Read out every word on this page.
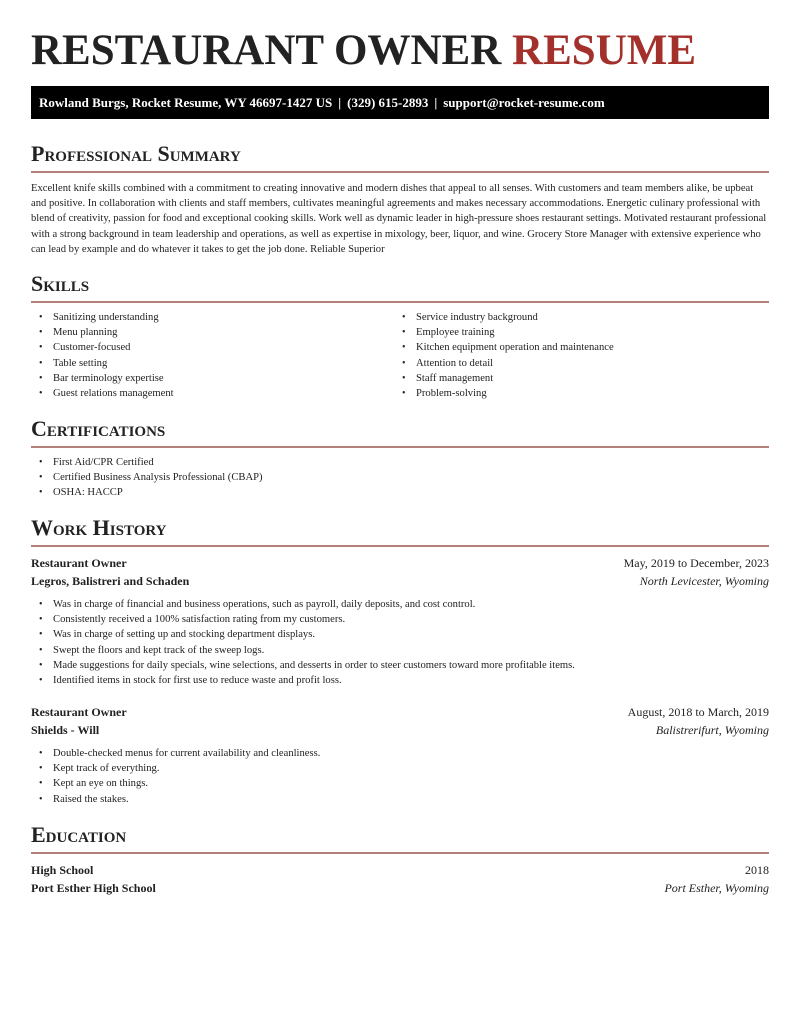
RESTAURANT OWNER RESUME
Rowland Burgs, Rocket Resume, WY 46697-1427 US | (329) 615-2893 | support@rocket-resume.com
Professional Summary

Excellent knife skills combined with a commitment to creating innovative and modern dishes that appeal to all senses. With customers and team members alike, be upbeat and positive. In collaboration with clients and staff members, cultivates meaningful agreements and makes necessary accommodations. Energetic culinary professional with blend of creativity, passion for food and exceptional cooking skills. Work well as dynamic leader in high-pressure shoes restaurant settings. Motivated restaurant professional with a strong background in team leadership and operations, as well as expertise in mixology, beer, liquor, and wine. Grocery Store Manager with extensive experience who can lead by example and do whatever it takes to get the job done. Reliable Superior

Skills
• Sanitizing understanding
• Menu planning
• Customer-focused
• Table setting
• Bar terminology expertise
• Guest relations management
• Service industry background
• Employee training
• Kitchen equipment operation and maintenance
• Attention to detail
• Staff management
• Problem-solving
Certifications
• First Aid/CPR Certified
• Certified Business Analysis Professional (CBAP)
• OSHA: HACCP
Work History
Restaurant Owner	May, 2019 to December, 2023
Legros, Balistreri and Schaden	North Levicester, Wyoming
• Was in charge of financial and business operations, such as payroll, daily deposits, and cost control.
• Consistently received a 100% satisfaction rating from my customers.
• Was in charge of setting up and stocking department displays.
• Swept the floors and kept track of the sweep logs.
• Made suggestions for daily specials, wine selections, and desserts in order to steer customers toward more profitable items.
• Identified items in stock for first use to reduce waste and profit loss.
Restaurant Owner	August, 2018 to March, 2019
Shields - Will	Balistrerifurt, Wyoming
• Double-checked menus for current availability and cleanliness.
• Kept track of everything.
• Kept an eye on things.
• Raised the stakes.
Education
High School	2018
Port Esther High School	Port Esther, Wyoming
